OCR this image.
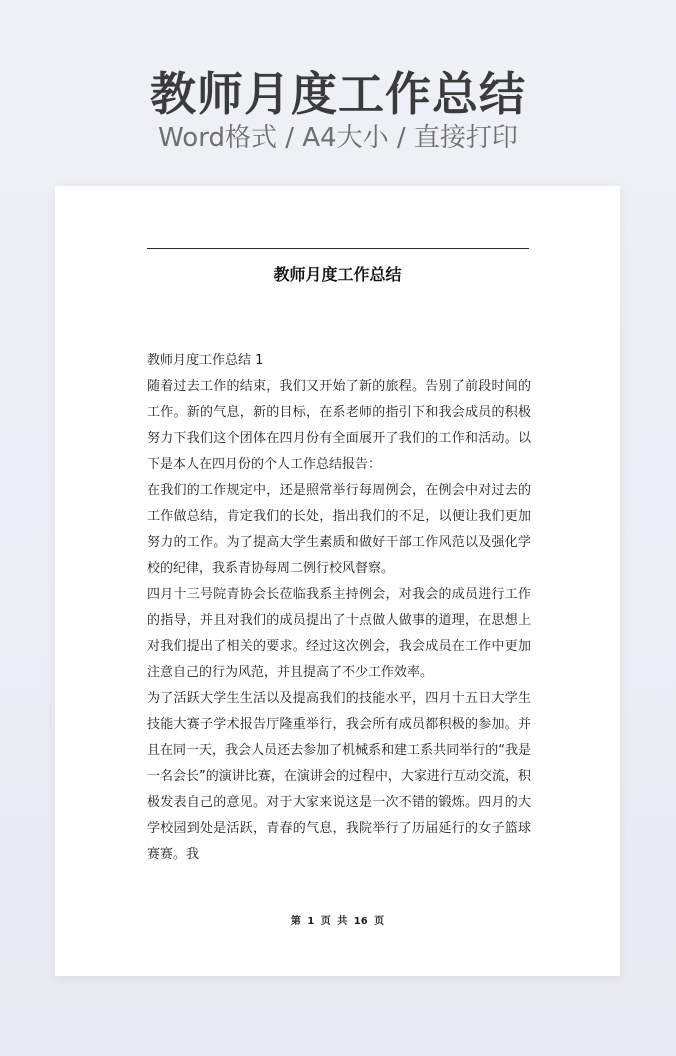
教师月度工作总结
Word格式 / A4大小 / 直接打印
教师月度工作总结

教师月度工作总结 1

随着过去工作的结束，我们又开始了新的旅程。告别了前段时间的工作。新的气息，新的目标，在系老师的指引下和我会成员的积极努力下我们这个团体在四月份有全面展开了我们的工作和活动。以下是本人在四月份的个人工作总结报告：

在我们的工作规定中，还是照常举行每周例会，在例会中对过去的工作做总结，肯定我们的长处，指出我们的不足，以便让我们更加努力的工作。为了提高大学生素质和做好干部工作风范以及强化学校的纪律，我系青协每周二例行校风督察。

四月十三号院青协会长莅临我系主持例会，对我会的成员进行工作的指导，并且对我们的成员提出了十点做人做事的道理，在思想上对我们提出了相关的要求。经过这次例会，我会成员在工作中更加注意自己的行为风范，并且提高了不少工作效率。

为了活跃大学生生活以及提高我们的技能水平，四月十五日大学生技能大赛子学术报告厅隆重举行，我会所有成员都积极的参加。并且在同一天，我会人员还去参加了机械系和建工系共同举行的“我是一名会长”的演讲比赛，在演讲会的过程中，大家进行互动交流，积极发表自己的意见。对于大家来说这是一次不错的锻炼。四月的大学校园到处是活跃，青春的气息，我院举行了历届延行的女子篮球赛赛。我

第 1 页 共 16 页
